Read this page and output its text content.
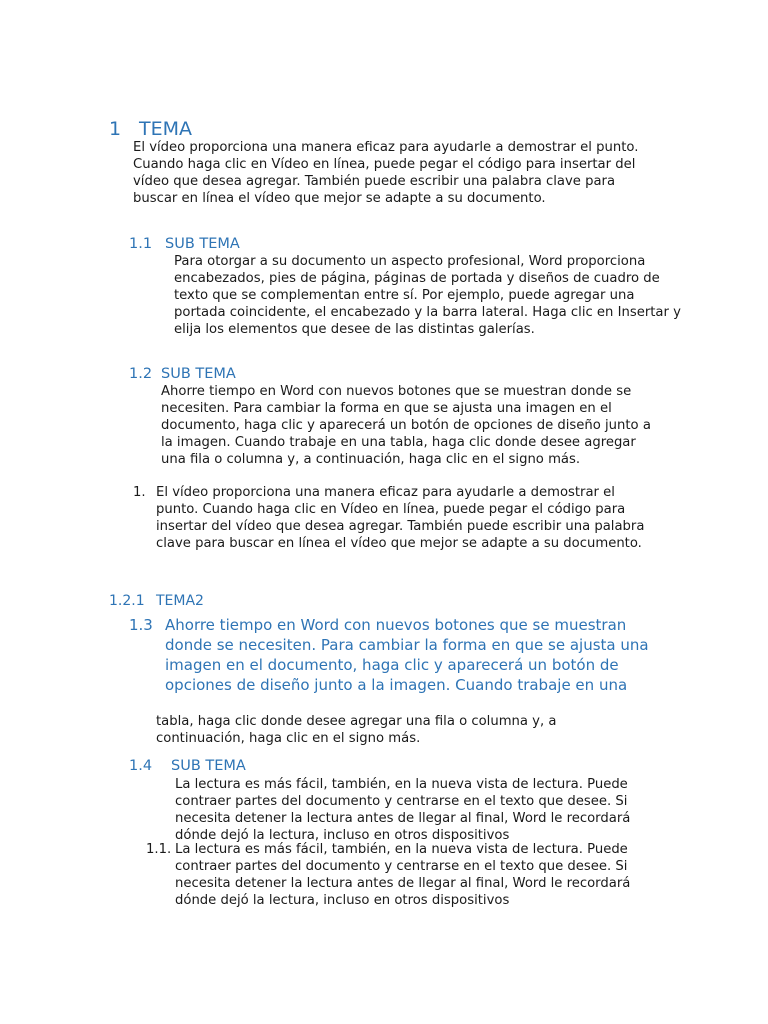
1 TEMA

El vídeo proporciona una manera eficaz para ayudarle a demostrar el punto. Cuando haga clic en Vídeo en línea, puede pegar el código para insertar del vídeo que desea agregar. También puede escribir una palabra clave para buscar en línea el vídeo que mejor se adapte a su documento.

1.1 SUB TEMA

Para otorgar a su documento un aspecto profesional, Word proporciona encabezados, pies de página, páginas de portada y diseños de cuadro de texto que se complementan entre sí. Por ejemplo, puede agregar una portada coincidente, el encabezado y la barra lateral. Haga clic en Insertar y elija los elementos que desee de las distintas galerías.

1.2 SUB TEMA

Ahorre tiempo en Word con nuevos botones que se muestran donde se necesiten. Para cambiar la forma en que se ajusta una imagen en el documento, haga clic y aparecerá un botón de opciones de diseño junto a la imagen. Cuando trabaje en una tabla, haga clic donde desee agregar una fila o columna y, a continuación, haga clic en el signo más.

1. El vídeo proporciona una manera eficaz para ayudarle a demostrar el punto. Cuando haga clic en Vídeo en línea, puede pegar el código para insertar del vídeo que desea agregar. También puede escribir una palabra clave para buscar en línea el vídeo que mejor se adapte a su documento.

1.2.1 TEMA2
1.3 Ahorre tiempo en Word con nuevos botones que se muestran donde se necesiten. Para cambiar la forma en que se ajusta una imagen en el documento, haga clic y aparecerá un botón de opciones de diseño junto a la imagen. Cuando trabaje en una

tabla, haga clic donde desee agregar una fila o columna y, a continuación, haga clic en el signo más.

1.4 SUB TEMA

La lectura es más fácil, también, en la nueva vista de lectura. Puede contraer partes del documento y centrarse en el texto que desee. Si necesita detener la lectura antes de llegar al final, Word le recordará dónde dejó la lectura, incluso en otros dispositivos

1.1. La lectura es más fácil, también, en la nueva vista de lectura. Puede contraer partes del documento y centrarse en el texto que desee. Si necesita detener la lectura antes de llegar al final, Word le recordará dónde dejó la lectura, incluso en otros dispositivos
